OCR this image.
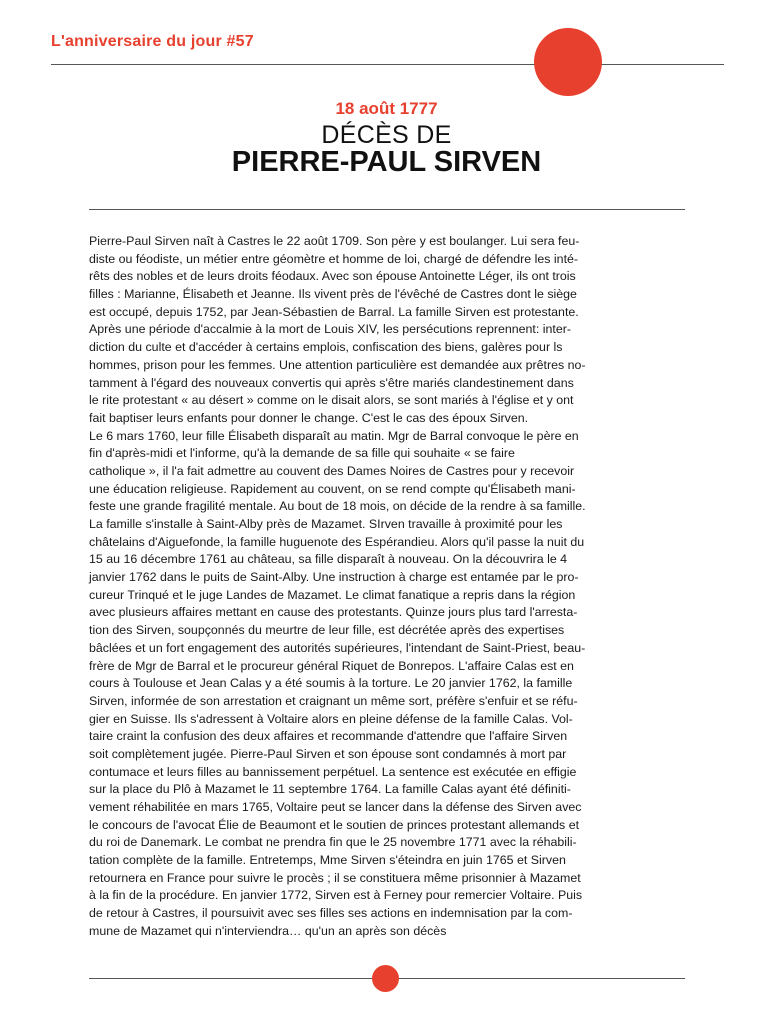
L'anniversaire du jour #57
18 août 1777
DÉCÈS DE
PIERRE-PAUL SIRVEN
Pierre-Paul Sirven naît à Castres le 22 août 1709. Son père y est boulanger. Lui sera feu-
diste ou féodiste, un métier entre géomètre et homme de loi, chargé de défendre les inté-
rêts des nobles et de leurs droits féodaux. Avec son épouse Antoinette Léger, ils ont trois
filles : Marianne, Élisabeth et Jeanne. Ils vivent près de l'évêché de Castres dont le siège
est occupé, depuis 1752, par Jean-Sébastien de Barral. La famille Sirven est protestante.
Après une période d'accalmie à la mort de Louis XIV, les persécutions reprennent: inter-
diction du culte et d'accéder à certains emplois, confiscation des biens, galères pour ls
hommes, prison pour les femmes. Une attention particulière est demandée aux prêtres no-
tamment à l'égard des nouveaux convertis qui après s'être mariés clandestinement dans
le rite protestant « au désert » comme on le disait alors, se sont mariés à l'église et y ont
fait baptiser leurs enfants pour donner le change. C'est le cas des époux Sirven.
Le 6 mars 1760, leur fille Élisabeth disparaît au matin. Mgr de Barral convoque le père en
fin d'après-midi et l'informe, qu'à la demande de sa fille qui souhaite « se faire
catholique », il l'a fait admettre au couvent des Dames Noires de Castres pour y recevoir
une éducation religieuse. Rapidement au couvent, on se rend compte qu'Élisabeth mani-
feste une grande fragilité mentale. Au bout de 18 mois, on décide de la rendre à sa famille.
La famille s'installe à Saint-Alby près de Mazamet. SIrven travaille à proximité pour les
châtelains d'Aiguefonde, la famille huguenote des Espérandieu. Alors qu'il passe la nuit du
15 au 16 décembre 1761 au château, sa fille disparaît à nouveau. On la découvrira le 4
janvier 1762 dans le puits de Saint-Alby. Une instruction à charge est entamée par le pro-
cureur Trinqué et le juge Landes de Mazamet. Le climat fanatique a repris dans la région
avec plusieurs affaires mettant en cause des protestants. Quinze jours plus tard l'arresta-
tion des Sirven, soupçonnés du meurtre de leur fille, est décrétée après des expertises
bâclées et un fort engagement des autorités supérieures, l'intendant de Saint-Priest, beau-
frère de Mgr de Barral et le procureur général Riquet de Bonrepos. L'affaire Calas est en
cours à Toulouse et Jean Calas y a été soumis à la torture. Le 20 janvier 1762, la famille
Sirven, informée de son arrestation et craignant un même sort, préfère s'enfuir et se réfu-
gier en Suisse. Ils s'adressent à Voltaire alors en pleine défense de la famille Calas. Vol-
taire craint la confusion des deux affaires et recommande d'attendre que l'affaire Sirven
soit complètement jugée. Pierre-Paul Sirven et son épouse sont condamnés à mort par
contumace et leurs filles au bannissement perpétuel. La sentence est exécutée en effigie
sur la place du Plô à Mazamet le 11 septembre 1764. La famille Calas ayant été définiti-
vement réhabilitée en mars 1765, Voltaire peut se lancer dans la défense des Sirven avec
le concours de l'avocat Élie de Beaumont et le soutien de princes protestant allemands et
du roi de Danemark. Le combat ne prendra fin que le 25 novembre 1771 avec la réhabili-
tation complète de la famille. Entretemps, Mme Sirven s'éteindra en juin 1765 et Sirven
retournera en France pour suivre le procès ; il se constituera même prisonnier à Mazamet
à la fin de la procédure. En janvier 1772, Sirven est à Ferney pour remercier Voltaire. Puis
de retour à Castres, il poursuivit avec ses filles ses actions en indemnisation par la com-
mune de Mazamet qui n'interviendra… qu'un an après son décès
